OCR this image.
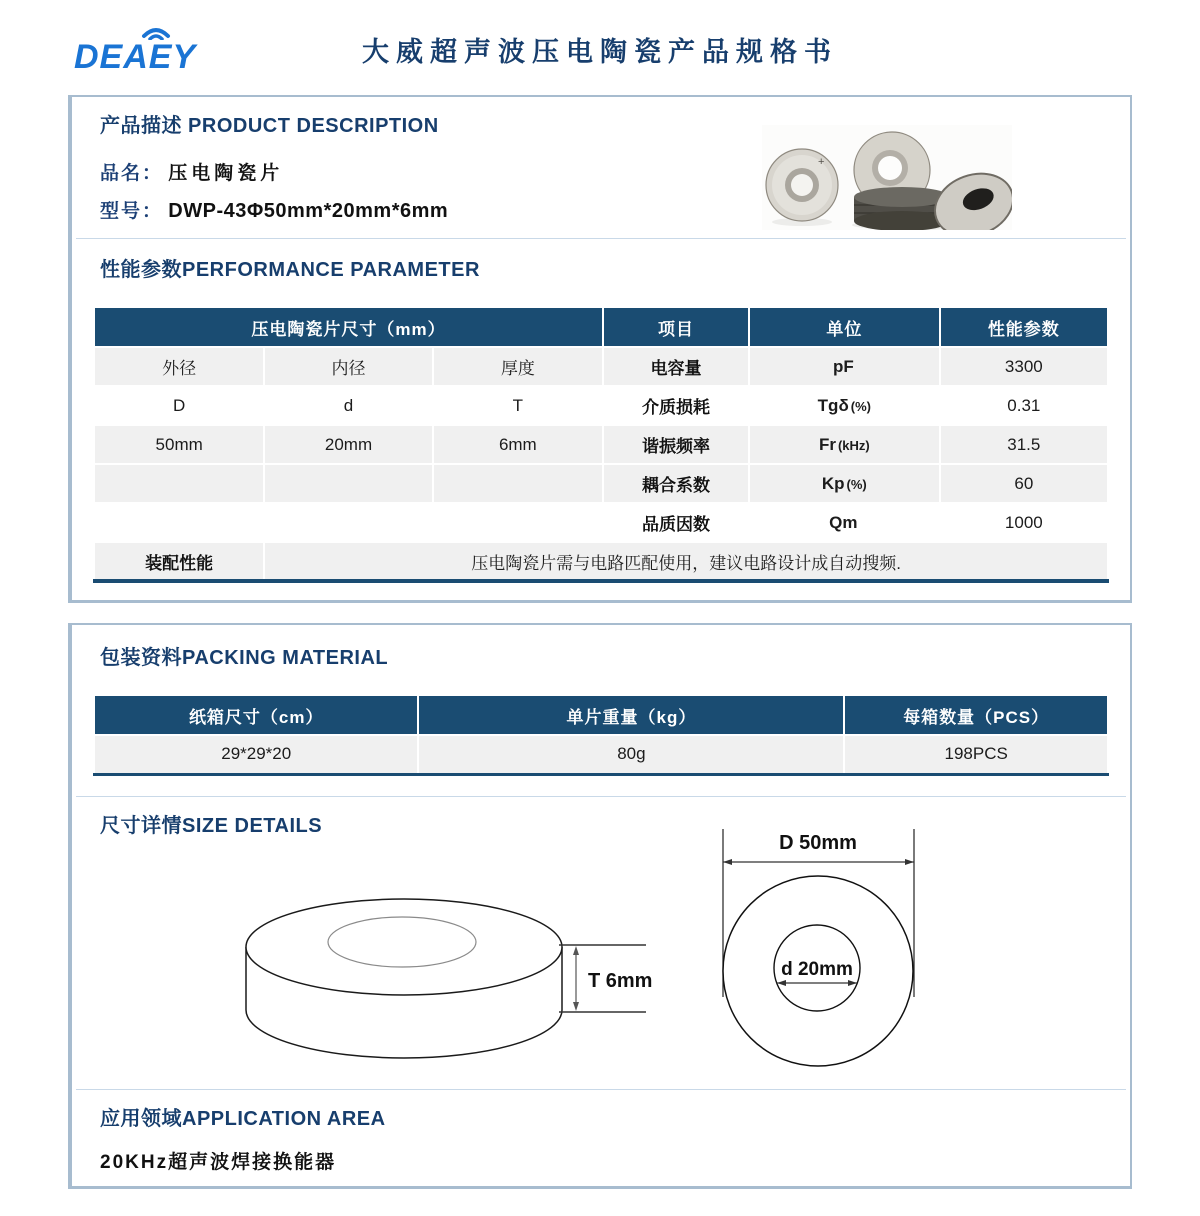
DEAEY	大威超声波压电陶瓷产品规格书
产品描述 PRODUCT DESCRIPTION
品名： 压电陶瓷片
型号： DWP-43Φ50mm*20mm*6mm
+
性能参数PERFORMANCE PARAMETER
压电陶瓷片尺寸（mm）			项目	单位	性能参数
外径	内径	厚度	电容量	pF	3300
D	d	T	介质损耗	Tgδ (%)	0.31
50mm	20mm	6mm	谐振频率	Fr (kHz)	31.5
			耦合系数	Kp (%)	60
			品质因数	Qm	1000
装配性能	压电陶瓷片需与电路匹配使用，建议电路设计成自动搜频.				
包装资料PACKING MATERIAL
纸箱尺寸（cm）	单片重量（kg）	每箱数量（PCS）
29*29*20	80g	198PCS
尺寸详情SIZE DETAILS
T 6mm
D 50mm
d 20mm
应用领域APPLICATION AREA
20KHz超声波焊接换能器
